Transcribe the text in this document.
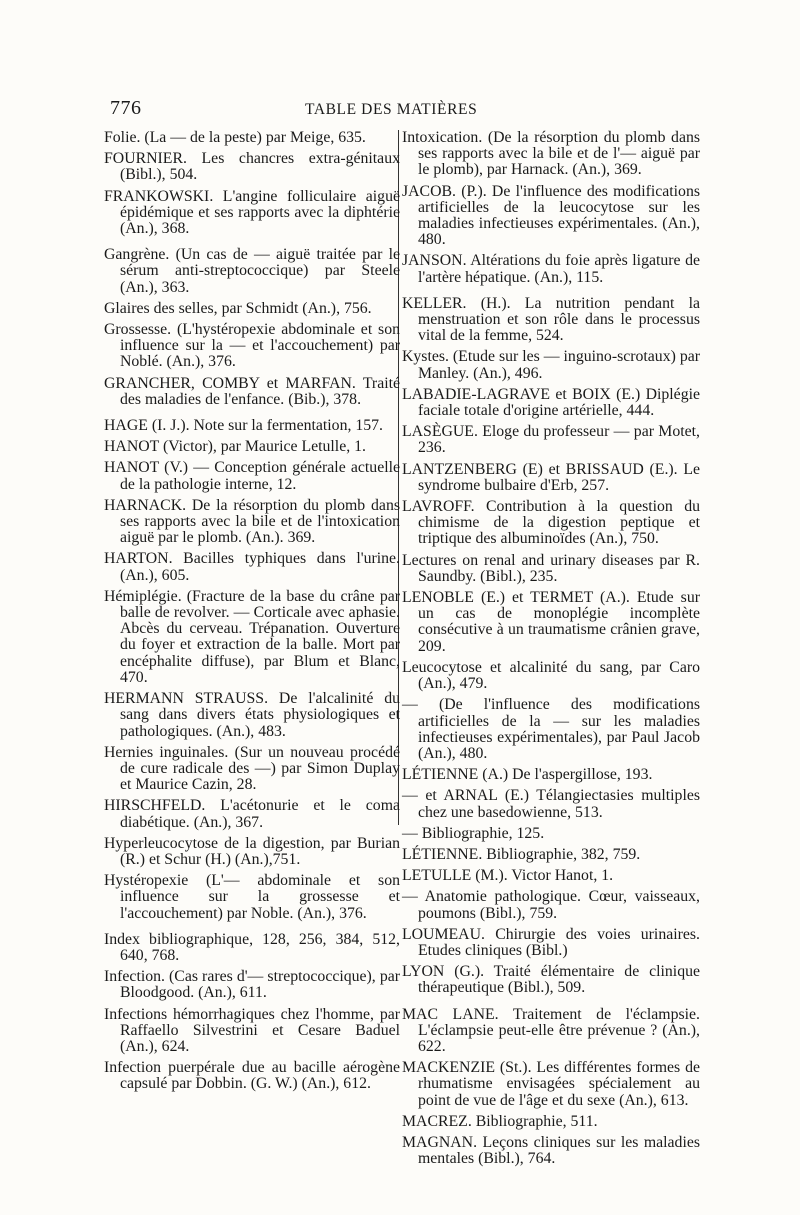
776	TABLE DES MATIÈRES

Folie. (La — de la peste) par Meige, 635.

FOURNIER. Les chancres extra-génitaux (Bibl.), 504.

FRANKOWSKI. L'angine folliculaire aiguë épidémique et ses rapports avec la diphtérie (An.), 368.

Gangrène. (Un cas de — aiguë traitée par le sérum anti-streptococcique) par Steele (An.), 363.

Glaires des selles, par Schmidt (An.), 756.

Grossesse. (L'hystéropexie abdominale et son influence sur la — et l'accouchement) par Noblé. (An.), 376.

GRANCHER, COMBY et MARFAN. Traité des maladies de l'enfance. (Bib.), 378.

HAGE (I. J.). Note sur la fermentation, 157.

HANOT (Victor), par Maurice Letulle, 1.

HANOT (V.) — Conception générale actuelle de la pathologie interne, 12.

HARNACK. De la résorption du plomb dans ses rapports avec la bile et de l'intoxication aiguë par le plomb. (An.). 369.

HARTON. Bacilles typhiques dans l'urine. (An.), 605.

Hémiplégie. (Fracture de la base du crâne par balle de revolver. — Corticale avec aphasie. Abcès du cerveau. Trépanation. Ouverture du foyer et extraction de la balle. Mort par encéphalite diffuse), par Blum et Blanc, 470.

HERMANN STRAUSS. De l'alcalinité du sang dans divers états physiologiques et pathologiques. (An.), 483.

Hernies inguinales. (Sur un nouveau procédé de cure radicale des —) par Simon Duplay et Maurice Cazin, 28.

HIRSCHFELD. L'acétonurie et le coma diabétique. (An.), 367.

Hyperleucocytose de la digestion, par Burian (R.) et Schur (H.) (An.),751.

Hystéropexie (L'— abdominale et son influence sur la grossesse et l'accouchement) par Noble. (An.), 376.

Index bibliographique, 128, 256, 384, 512, 640, 768.

Infection. (Cas rares d'— streptococcique), par Bloodgood. (An.), 611.

Infections hémorrhagiques chez l'homme, par Raffaello Silvestrini et Cesare Baduel (An.), 624.

Infection puerpérale due au bacille aérogène capsulé par Dobbin. (G. W.) (An.), 612.

Intoxication. (De la résorption du plomb dans ses rapports avec la bile et de l'— aiguë par le plomb), par Harnack. (An.), 369.

JACOB. (P.). De l'influence des modifications artificielles de la leucocytose sur les maladies infectieuses expérimentales. (An.), 480.

JANSON. Altérations du foie après ligature de l'artère hépatique. (An.), 115.

KELLER. (H.). La nutrition pendant la menstruation et son rôle dans le processus vital de la femme, 524.

Kystes. (Etude sur les — inguino-scrotaux) par Manley. (An.), 496.

LABADIE-LAGRAVE et BOIX (E.) Diplégie faciale totale d'origine artérielle, 444.

LASÈGUE. Eloge du professeur — par Motet, 236.

LANTZENBERG (E) et BRISSAUD (E.). Le syndrome bulbaire d'Erb, 257.

LAVROFF. Contribution à la question du chimisme de la digestion peptique et triptique des albuminoïdes (An.), 750.

Lectures on renal and urinary diseases par R. Saundby. (Bibl.), 235.

LENOBLE (E.) et TERMET (A.). Etude sur un cas de monoplégie incomplète consécutive à un traumatisme crânien grave, 209.

Leucocytose et alcalinité du sang, par Caro (An.), 479.

— (De l'influence des modifications artificielles de la — sur les maladies infectieuses expérimentales), par Paul Jacob (An.), 480.

LÉTIENNE (A.) De l'aspergillose, 193.

— et ARNAL (E.) Télangiectasies multiples chez une basedowienne, 513.

— Bibliographie, 125.

LÉTIENNE. Bibliographie, 382, 759.

LETULLE (M.). Victor Hanot, 1.

— Anatomie pathologique. Cœur, vaisseaux, poumons (Bibl.), 759.

LOUMEAU. Chirurgie des voies urinaires. Etudes cliniques (Bibl.)

LYON (G.). Traité élémentaire de clinique thérapeutique (Bibl.), 509.

MAC LANE. Traitement de l'éclampsie. L'éclampsie peut-elle être prévenue ? (An.), 622.

MACKENZIE (St.). Les différentes formes de rhumatisme envisagées spécialement au point de vue de l'âge et du sexe (An.), 613.

MACREZ. Bibliographie, 511.

MAGNAN. Leçons cliniques sur les maladies mentales (Bibl.), 764.
